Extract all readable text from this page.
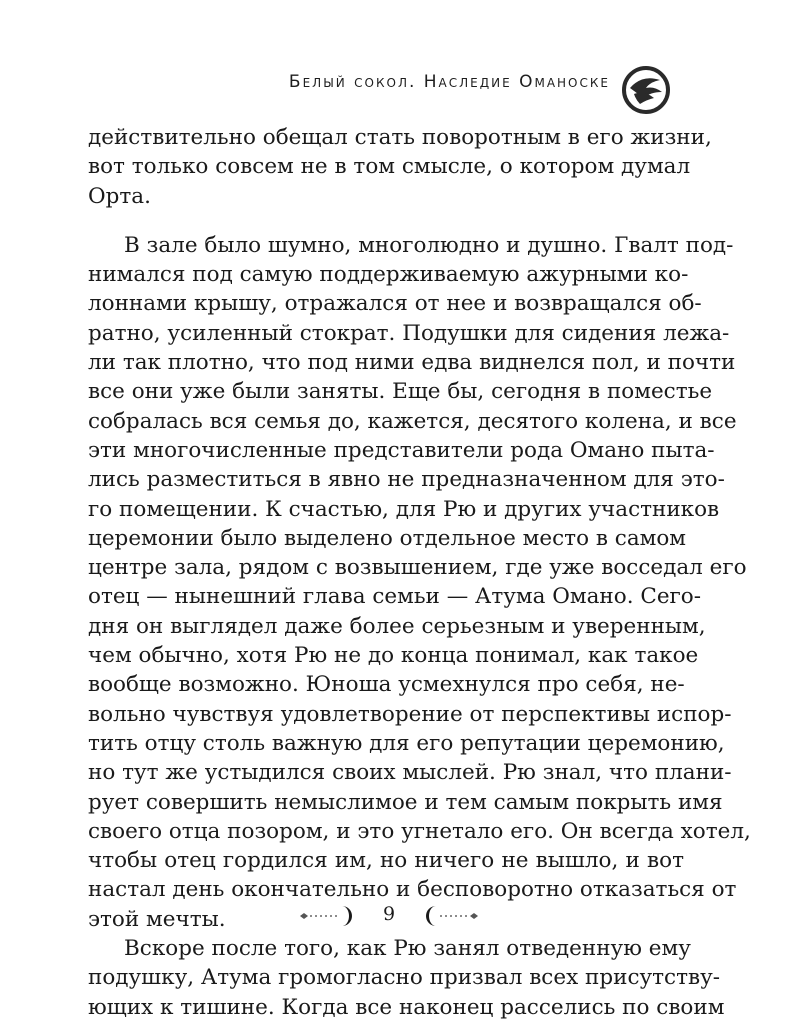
Белый сокол. Наследие Оманоске
действительно обещал стать поворотным в его жизни,
вот только совсем не в том смысле, о котором думал
Орта.
В зале было шумно, многолюдно и душно. Гвалт под-
нимался под самую поддерживаемую ажурными ко-
лоннами крышу, отражался от нее и возвращался об-
ратно, усиленный стократ. Подушки для сидения лежа-
ли так плотно, что под ними едва виднелся пол, и почти
все они уже были заняты. Еще бы, сегодня в поместье
собралась вся семья до, кажется, десятого колена, и все
эти многочисленные представители рода Омано пыта-
лись разместиться в явно не предназначенном для это-
го помещении. К счастью, для Рю и других участников
церемонии было выделено отдельное место в самом
центре зала, рядом с возвышением, где уже восседал его
отец — нынешний глава семьи — Атума Омано. Сего-
дня он выглядел даже более серьезным и уверенным,
чем обычно, хотя Рю не до конца понимал, как такое
вообще возможно. Юноша усмехнулся про себя, не-
вольно чувствуя удовлетворение от перспективы испор-
тить отцу столь важную для его репутации церемонию,
но тут же устыдился своих мыслей. Рю знал, что плани-
рует совершить немыслимое и тем самым покрыть имя
своего отца позором, и это угнетало его. Он всегда хотел,
чтобы отец гордился им, но ничего не вышло, и вот
настал день окончательно и бесповоротно отказаться от
этой мечты.
Вскоре после того, как Рю занял отведенную ему
подушку, Атума громогласно призвал всех присутству-
ющих к тишине. Когда все наконец расселись по своим
9
